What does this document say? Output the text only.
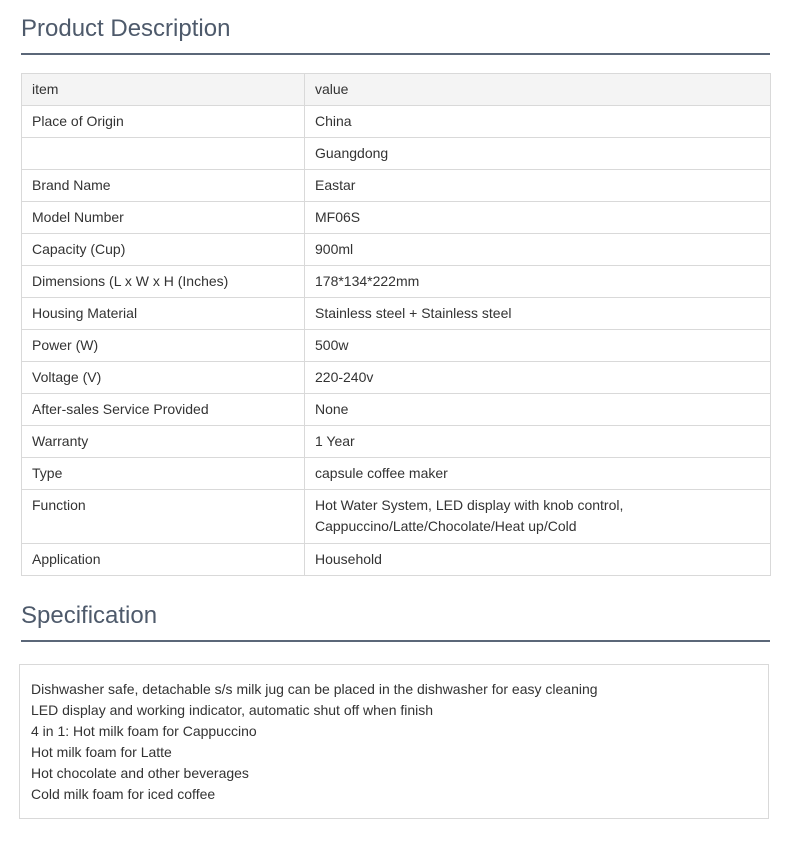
Product Description
item	value
Place of Origin	China
	Guangdong
Brand Name	Eastar
Model Number	MF06S
Capacity (Cup)	900ml
Dimensions (L x W x H (Inches)	178*134*222mm
Housing Material	Stainless steel + Stainless steel
Power (W)	500w
Voltage (V)	220-240v
After-sales Service Provided	None
Warranty	1 Year
Type	capsule coffee maker
Function	Hot Water System, LED display with knob control,
Cappuccino/Latte/Chocolate/Heat up/Cold

Application	Household
Specification
Dishwasher safe, detachable s/s milk jug can be placed in the dishwasher for easy cleaning
LED display and working indicator, automatic shut off when finish
4 in 1: Hot milk foam for Cappuccino
Hot milk foam for Latte
Hot chocolate and other beverages
Cold milk foam for iced coffee
